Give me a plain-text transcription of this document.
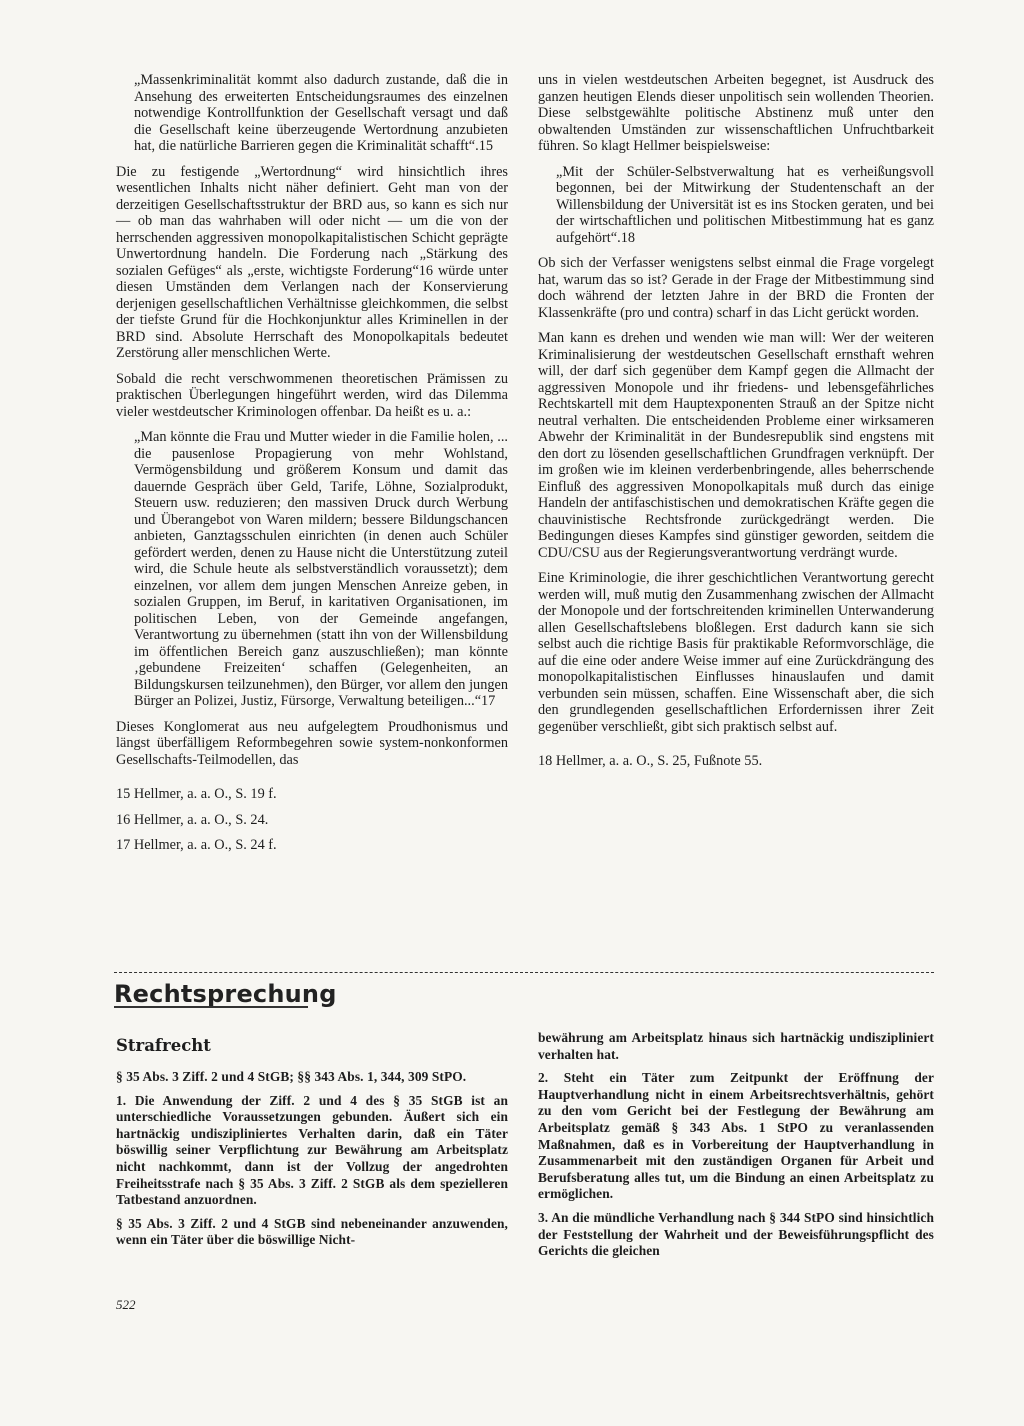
„Massenkriminalität kommt also dadurch zustande, daß die in Ansehung des erweiterten Entscheidungsraumes des einzelnen notwendige Kontrollfunktion der Gesellschaft versagt und daß die Gesellschaft keine überzeugende Wertordnung anzubieten hat, die natürliche Barrieren gegen die Kriminalität schafft“.15

Die zu festigende „Wertordnung“ wird hinsichtlich ihres wesentlichen Inhalts nicht näher definiert. Geht man von der derzeitigen Gesellschaftsstruktur der BRD aus, so kann es sich nur — ob man das wahrhaben will oder nicht — um die von der herrschenden aggressiven monopolkapitalistischen Schicht geprägte Unwertordnung handeln. Die Forderung nach „Stärkung des sozialen Gefüges“ als „erste, wichtigste Forderung“16 würde unter diesen Umständen dem Verlangen nach der Konservierung derjenigen gesellschaftlichen Verhältnisse gleichkommen, die selbst der tiefste Grund für die Hochkonjunktur alles Kriminellen in der BRD sind. Absolute Herrschaft des Monopolkapitals bedeutet Zerstörung aller menschlichen Werte.

Sobald die recht verschwommenen theoretischen Prämissen zu praktischen Überlegungen hingeführt werden, wird das Dilemma vieler westdeutscher Kriminologen offenbar. Da heißt es u. a.:

„Man könnte die Frau und Mutter wieder in die Familie holen, ... die pausenlose Propagierung von mehr Wohlstand, Vermögensbildung und größerem Konsum und damit das dauernde Gespräch über Geld, Tarife, Löhne, Sozialprodukt, Steuern usw. reduzieren; den massiven Druck durch Werbung und Überangebot von Waren mildern; bessere Bildungschancen anbieten, Ganztagsschulen einrichten (in denen auch Schüler gefördert werden, denen zu Hause nicht die Unterstützung zuteil wird, die Schule heute als selbstverständlich voraussetzt); dem einzelnen, vor allem dem jungen Menschen Anreize geben, in sozialen Gruppen, im Beruf, in karitativen Organisationen, im politischen Leben, von der Gemeinde angefangen, Verantwortung zu übernehmen (statt ihn von der Willensbildung im öffentlichen Bereich ganz auszuschließen); man könnte ‚gebundene Freizeiten‘ schaffen (Gelegenheiten, an Bildungskursen teilzunehmen), den Bürger, vor allem den jungen Bürger an Polizei, Justiz, Fürsorge, Verwaltung beteiligen...“17

Dieses Konglomerat aus neu aufgelegtem Proudhonismus und längst überfälligem Reformbegehren sowie system-nonkonformen Gesellschafts-Teilmodellen, das

15 Hellmer, a. a. O., S. 19 f.

16 Hellmer, a. a. O., S. 24.

17 Hellmer, a. a. O., S. 24 f.

uns in vielen westdeutschen Arbeiten begegnet, ist Ausdruck des ganzen heutigen Elends dieser unpolitisch sein wollenden Theorien. Diese selbstgewählte politische Abstinenz muß unter den obwaltenden Umständen zur wissenschaftlichen Unfruchtbarkeit führen. So klagt Hellmer beispielsweise:

„Mit der Schüler-Selbstverwaltung hat es verheißungsvoll begonnen, bei der Mitwirkung der Studentenschaft an der Willensbildung der Universität ist es ins Stocken geraten, und bei der wirtschaftlichen und politischen Mitbestimmung hat es ganz aufgehört“.18

Ob sich der Verfasser wenigstens selbst einmal die Frage vorgelegt hat, warum das so ist? Gerade in der Frage der Mitbestimmung sind doch während der letzten Jahre in der BRD die Fronten der Klassenkräfte (pro und contra) scharf in das Licht gerückt worden.

Man kann es drehen und wenden wie man will: Wer der weiteren Kriminalisierung der westdeutschen Gesellschaft ernsthaft wehren will, der darf sich gegenüber dem Kampf gegen die Allmacht der aggressiven Monopole und ihr friedens- und lebensgefährliches Rechtskartell mit dem Hauptexponenten Strauß an der Spitze nicht neutral verhalten. Die entscheidenden Probleme einer wirksameren Abwehr der Kriminalität in der Bundesrepublik sind engstens mit den dort zu lösenden gesellschaftlichen Grundfragen verknüpft. Der im großen wie im kleinen verderbenbringende, alles beherrschende Einfluß des aggressiven Monopolkapitals muß durch das einige Handeln der antifaschistischen und demokratischen Kräfte gegen die chauvinistische Rechtsfronde zurückgedrängt werden. Die Bedingungen dieses Kampfes sind günstiger geworden, seitdem die CDU/CSU aus der Regierungsverantwortung verdrängt wurde.

Eine Kriminologie, die ihrer geschichtlichen Verantwortung gerecht werden will, muß mutig den Zusammenhang zwischen der Allmacht der Monopole und der fortschreitenden kriminellen Unterwanderung allen Gesellschaftslebens bloßlegen. Erst dadurch kann sie sich selbst auch die richtige Basis für praktikable Reformvorschläge, die auf die eine oder andere Weise immer auf eine Zurückdrängung des monopolkapitalistischen Einflusses hinauslaufen und damit verbunden sein müssen, schaffen. Eine Wissenschaft aber, die sich den grundlegenden gesellschaftlichen Erfordernissen ihrer Zeit gegenüber verschließt, gibt sich praktisch selbst auf.

18 Hellmer, a. a. O., S. 25, Fußnote 55.

Rechtsprechung
Strafrecht

§ 35 Abs. 3 Ziff. 2 und 4 StGB; §§ 343 Abs. 1, 344, 309 StPO.

1. Die Anwendung der Ziff. 2 und 4 des § 35 StGB ist an unterschiedliche Voraussetzungen gebunden. Äußert sich ein hartnäckig undiszipliniertes Verhalten darin, daß ein Täter böswillig seiner Verpflichtung zur Bewährung am Arbeitsplatz nicht nachkommt, dann ist der Vollzug der angedrohten Freiheitsstrafe nach § 35 Abs. 3 Ziff. 2 StGB als dem spezielleren Tatbestand anzuordnen.

§ 35 Abs. 3 Ziff. 2 und 4 StGB sind nebeneinander anzuwenden, wenn ein Täter über die böswillige Nicht-

bewährung am Arbeitsplatz hinaus sich hartnäckig undiszipliniert verhalten hat.

2. Steht ein Täter zum Zeitpunkt der Eröffnung der Hauptverhandlung nicht in einem Arbeitsrechtsverhältnis, gehört zu den vom Gericht bei der Festlegung der Bewährung am Arbeitsplatz gemäß § 343 Abs. 1 StPO zu veranlassenden Maßnahmen, daß es in Vorbereitung der Hauptverhandlung in Zusammenarbeit mit den zuständigen Organen für Arbeit und Berufsberatung alles tut, um die Bindung an einen Arbeitsplatz zu ermöglichen.

3. An die mündliche Verhandlung nach § 344 StPO sind hinsichtlich der Feststellung der Wahrheit und der Beweisführungspflicht des Gerichts die gleichen

522
